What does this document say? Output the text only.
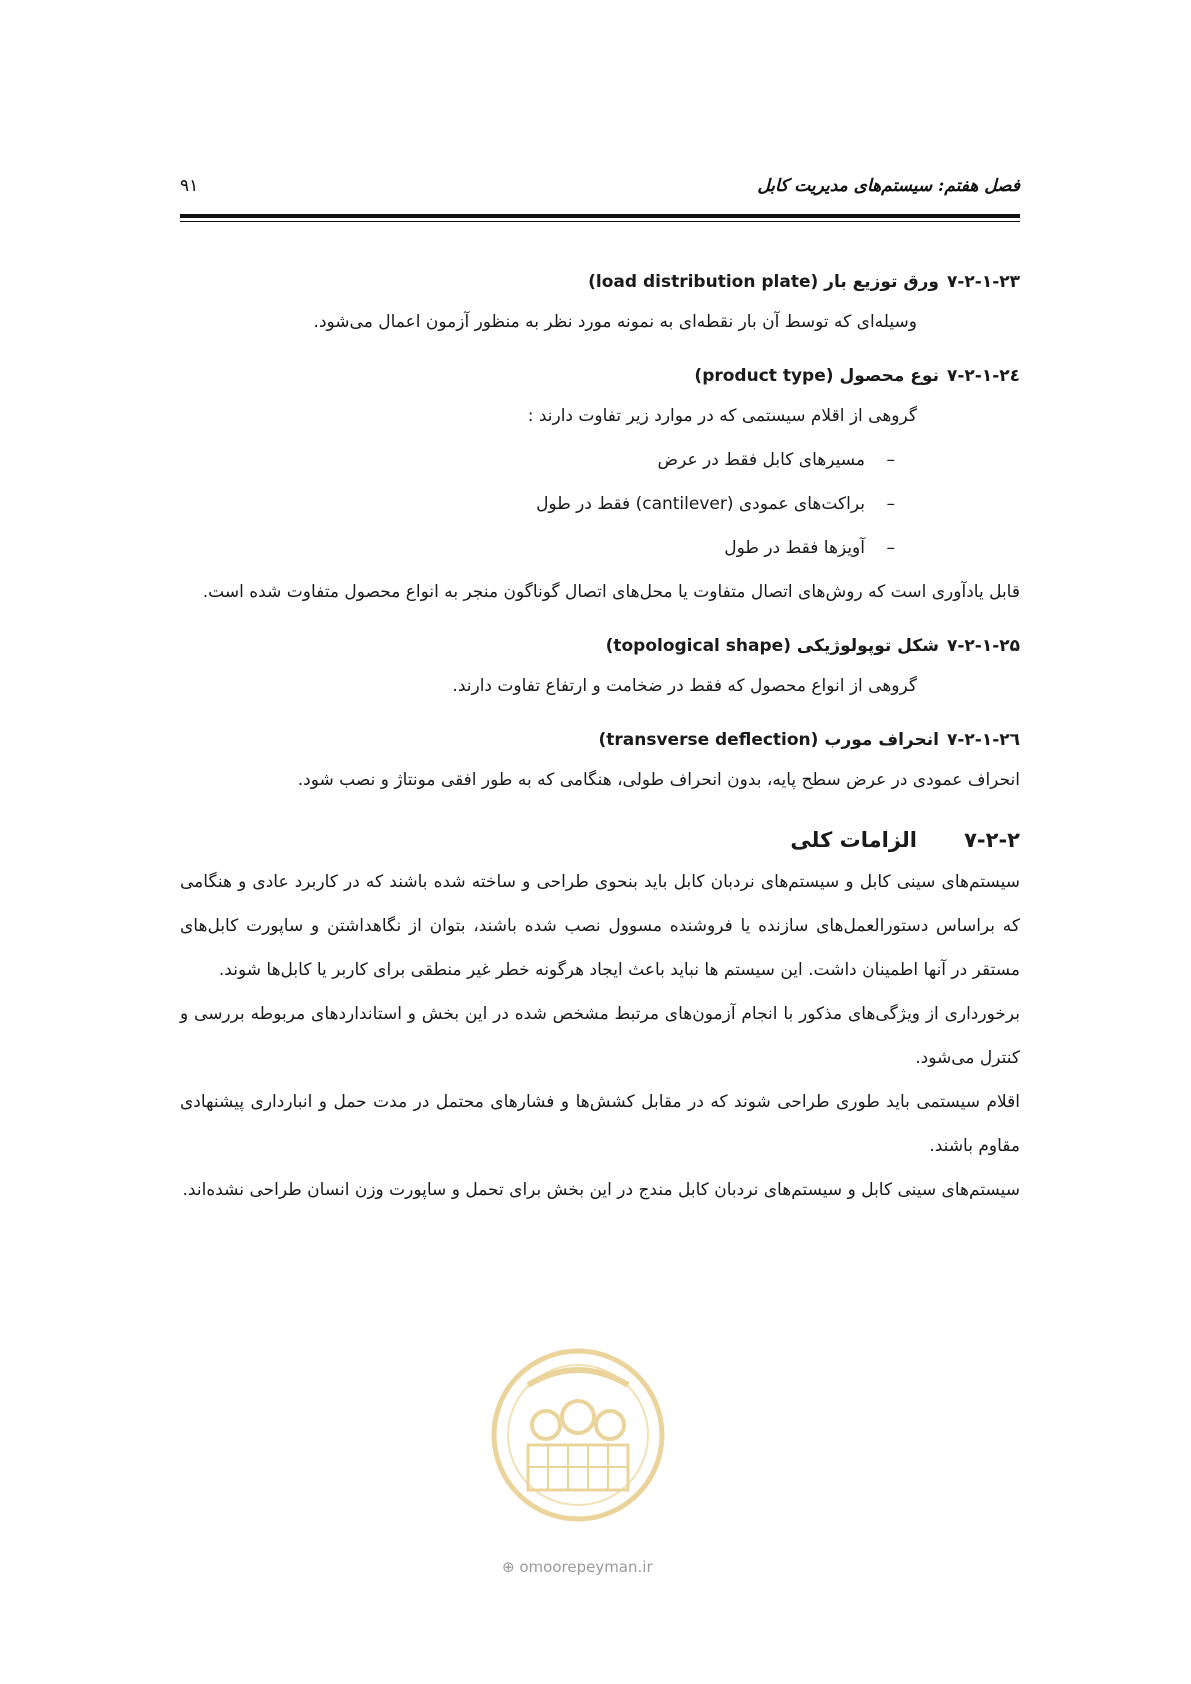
فصل هفتم: سیستم‌های مدیریت کابل
۹۱
۷-۲-۱-۲۳ورق توزیع بار (load distribution plate)

وسیله‌ای که توسط آن بار نقطه‌ای به نمونه مورد نظر به منظور آزمون اعمال می‌شود.

۷-۲-۱-۲٤نوع محصول (product type)

گروهی از اقلام سیستمی که در موارد زیر تفاوت دارند :

–مسیرهای کابل فقط در عرض

–براکت‌های عمودی (cantilever) فقط در طول

–آویزها فقط در طول

قابل یادآوری است که روش‌های اتصال متفاوت یا محل‌های اتصال گوناگون منجر به انواع محصول متفاوت شده است.

۷-۲-۱-۲۵شکل توپولوژیکی (topological shape)

گروهی از انواع محصول که فقط در ضخامت و ارتفاع تفاوت دارند.

۷-۲-۱-۲٦انحراف مورب (transverse deflection)

انحراف عمودی در عرض سطح پایه، بدون انحراف طولی، هنگامی که به طور افقی مونتاژ و نصب شود.

۷-۲-۲الزامات کلی

سیستم‌های سینی کابل و سیستم‌های نردبان کابل باید بنحوی طراحی و ساخته شده باشند که در کاربرد عادی و هنگامی که براساس دستورالعمل‌های سازنده یا فروشنده مسوول نصب شده باشند، بتوان از نگاهداشتن و ساپورت کابل‌های مستقر در آنها اطمینان داشت. این سیستم ها نباید باعث ایجاد هرگونه خطر غیر منطقی برای کاربر یا کابل‌ها شوند.

برخورداری از ویژگی‌های مذکور با انجام آزمون‌های مرتبط مشخص شده در این بخش و استانداردهای مربوطه بررسی و کنترل می‌شود.

اقلام سیستمی باید طوری طراحی شوند که در مقابل کشش‌ها و فشارهای محتمل در مدت حمل و انبارداری پیشنهادی مقاوم باشند.

سیستم‌های سینی کابل و سیستم‌های نردبان کابل مندج در این بخش برای تحمل و ساپورت وزن انسان طراحی نشده‌اند.

⊕ omoorepeyman.ir
